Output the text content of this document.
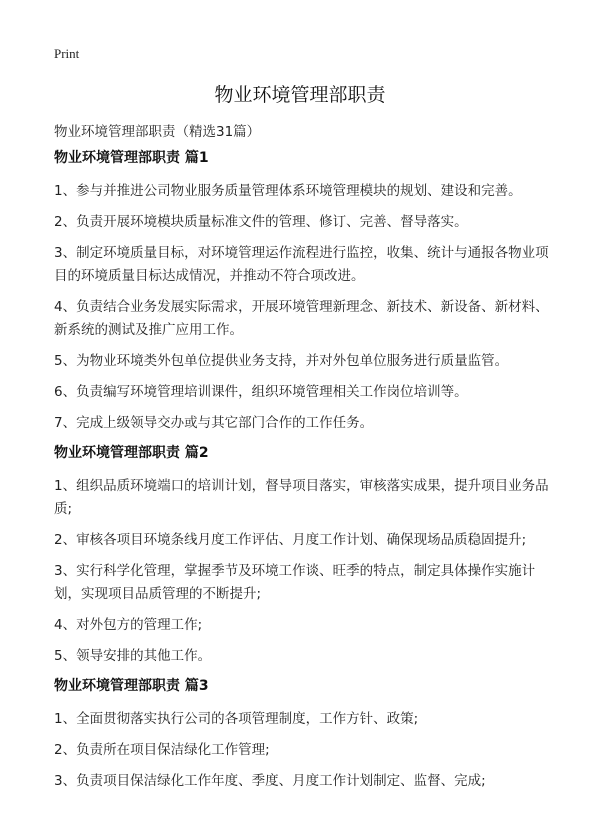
Print
物业环境管理部职责
物业环境管理部职责（精选31篇）
物业环境管理部职责 篇1
1、参与并推进公司物业服务质量管理体系环境管理模块的规划、建设和完善。
2、负责开展环境模块质量标准文件的管理、修订、完善、督导落实。
3、制定环境质量目标，对环境管理运作流程进行监控，收集、统计与通报各物业项目的环境质量目标达成情况，并推动不符合项改进。
4、负责结合业务发展实际需求，开展环境管理新理念、新技术、新设备、新材料、新系统的测试及推广应用工作。
5、为物业环境类外包单位提供业务支持，并对外包单位服务进行质量监管。
6、负责编写环境管理培训课件，组织环境管理相关工作岗位培训等。
7、完成上级领导交办或与其它部门合作的工作任务。
物业环境管理部职责 篇2
1、组织品质环境端口的培训计划，督导项目落实，审核落实成果，提升项目业务品质;
2、审核各项目环境条线月度工作评估、月度工作计划、确保现场品质稳固提升;
3、实行科学化管理，掌握季节及环境工作谈、旺季的特点，制定具体操作实施计划，实现项目品质管理的不断提升;
4、对外包方的管理工作;
5、领导安排的其他工作。
物业环境管理部职责 篇3
1、全面贯彻落实执行公司的各项管理制度，工作方针、政策;
2、负责所在项目保洁绿化工作管理;
3、负责项目保洁绿化工作年度、季度、月度工作计划制定、监督、完成;
